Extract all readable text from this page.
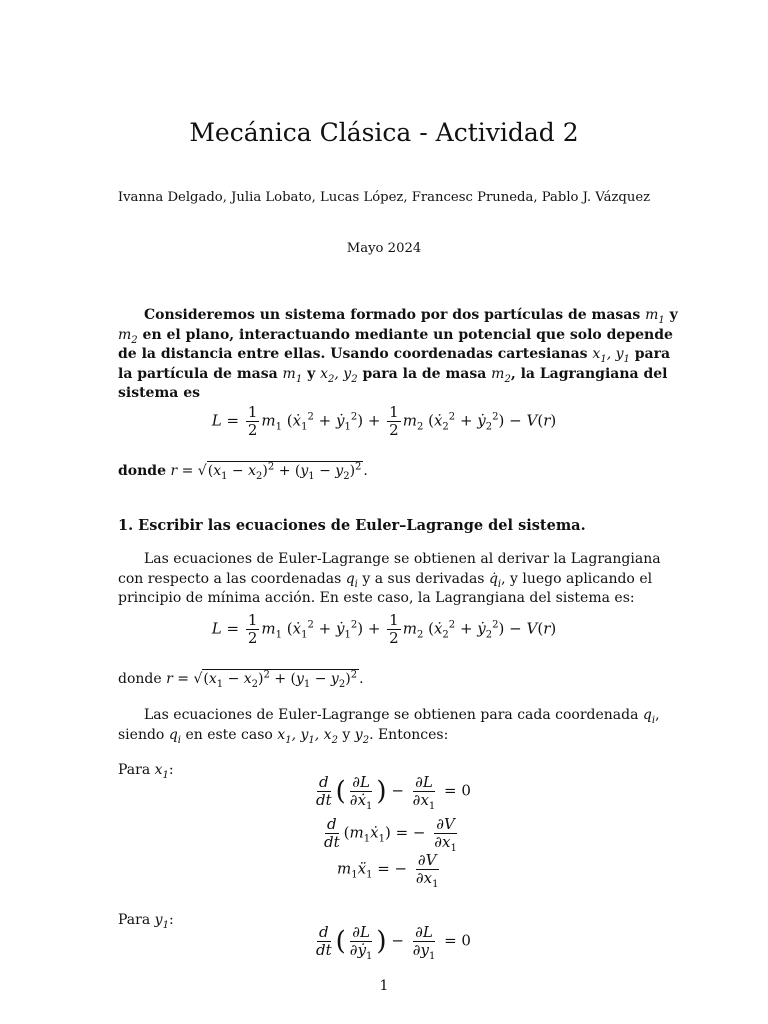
Mecánica Clásica - Actividad 2
Ivanna Delgado, Julia Lobato, Lucas López, Francesc Pruneda, Pablo J. Vázquez
Mayo 2024
Consideremos un sistema formado por dos partículas de masas $m_1$ y $m_2$ en el plano, interactuando mediante un potencial que solo depende de la distancia entre ellas. Usando coordenadas cartesianas $x_1$, $y_1$ para la partícula de masa $m_1$ y $x_2$, $y_2$ para la de masa $m_2$, la Lagrangiana del sistema es
$L = \frac{1}{2} m_1$ (ẋ$_1^2$ + ẏ$_1^2$) + $\frac{1}{2} m_2$ (ẋ$_2^2$ + ẏ$_2^2$) − V(r)
donde $r = √(x_1 - x_2)^2 + (y_1 - y_2)^2$ .
1. Escribir las ecuaciones de Euler–Lagrange del sistema.
Las ecuaciones de Euler-Lagrange se obtienen al derivar la Lagrangiana con respecto a las coordenadas $q_i$ y a sus derivadas $q̇_i$, y luego aplicando el principio de mínima acción. En este caso, la Lagrangiana del sistema es:
$L = \frac{1}{2} m_1$ (ẋ$_1^2$ + ẏ$_1^2$) + $\frac{1}{2} m_2$ (ẋ$_2^2$ + ẏ$_2^2$) − V(r)
donde $r = √(x_1 - x_2)^2 + (y_1 - y_2)^2$ .
Las ecuaciones de Euler-Lagrange se obtienen para cada coordenada $q_i$, siendo $q_i$ en este caso $x_1$, $y_1$, $x_2$ y $y_2$. Entonces:
Para $x_1$:
$\frac{d}{dt}$ ( $\frac{\partial L}{\partial ẋ_1}$ ) − $\frac{\partial L}{\partial x_1} = 0$
$\frac{d}{dt}$ $(m_1ẋ_1)$ = − $\frac{\partial V}{\partial x_1}$
$m_1ẍ_1$ = − $\frac{\partial V}{\partial x_1}$
Para $y_1$:
$\frac{d}{dt}$ ( $\frac{\partial L}{\partial ẏ_1}$ ) − $\frac{\partial L}{\partial y_1} = 0$
1
